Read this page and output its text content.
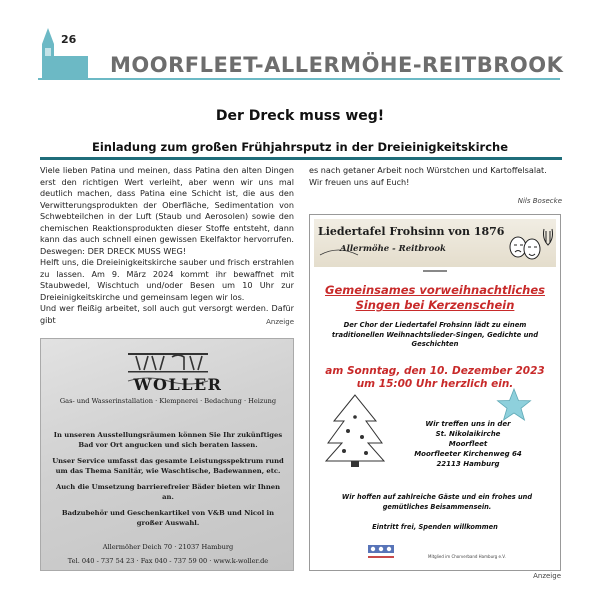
26
MOORFLEET-ALLERMÖHE-REITBROOK
Der Dreck muss weg!
Einladung zum großen Frühjahrsputz in der Dreieinigkeitskirche

Viele lieben Patina und meinen, dass Patina den alten Dingen erst den richtigen Wert verleiht, aber wenn wir uns mal deutlich machen, dass Patina eine Schicht ist, die aus den Verwitterungsprodukten der Oberfläche, Sedimentation von Schwebteilchen in der Luft (Staub und Aerosolen) sowie den chemischen Reaktionsprodukten dieser Stoffe entsteht, dann kann das auch schnell einen gewissen Ekelfaktor hervorrufen. Deswegen: DER DRECK MUSS WEG!

Helft uns, die Dreieinigkeitskirche sauber und frisch erstrahlen zu lassen. Am 9. März 2024 kommt ihr bewaffnet mit Staubwedel, Wischtuch und/oder Besen um 10 Uhr zur Dreieinigkeitskirche und gemeinsam legen wir los.

Und wer fleißig arbeitet, soll auch gut versorgt werden. Dafür gibt

es nach getaner Arbeit noch Würstchen und Kartoffelsalat. Wir freuen uns auf Euch!

Nils Bosecke
Anzeige
WOLLER
Gas- und Wasserinstallation · Klempnerei · Bedachung · Heizung

In unseren Ausstellungsräumen können Sie Ihr zukünftiges Bad vor Ort angucken und sich beraten lassen.

Unser Service umfasst das gesamte Leistungsspektrum rund um das Thema Sanitär, wie Waschtische, Badewannen, etc.

Auch die Umsetzung barrierefreier Bäder bieten wir Ihnen an.

Badzubehör und Geschenkartikel von V&B und Nicol in großer Auswahl.

Allermöher Deich 70 · 21037 Hamburg
Tel. 040 - 737 54 23 · Fax 040 - 737 59 00 · www.k-woller.de
Liedertafel Frohsinn von 1876
Allermöhe - Reitbrook
Gemeinsames vorweihnachtliches Singen bei Kerzenschein
Der Chor der Liedertafel Frohsinn lädt zu einem traditionellen Weihnachtslieder-Singen, Gedichte und Geschichten
am Sonntag, den 10. Dezember 2023
um 15:00 Uhr herzlich ein.
Wir treffen uns in der
St. Nikolaikirche
Moorfleet
Moorfleeter Kirchenweg 64
22113 Hamburg
Wir hoffen auf zahlreiche Gäste und ein frohes und gemütliches Beisammensein.
Eintritt frei, Spenden willkommen
Mitglied im Chorverband Hamburg e.V.
Anzeige
